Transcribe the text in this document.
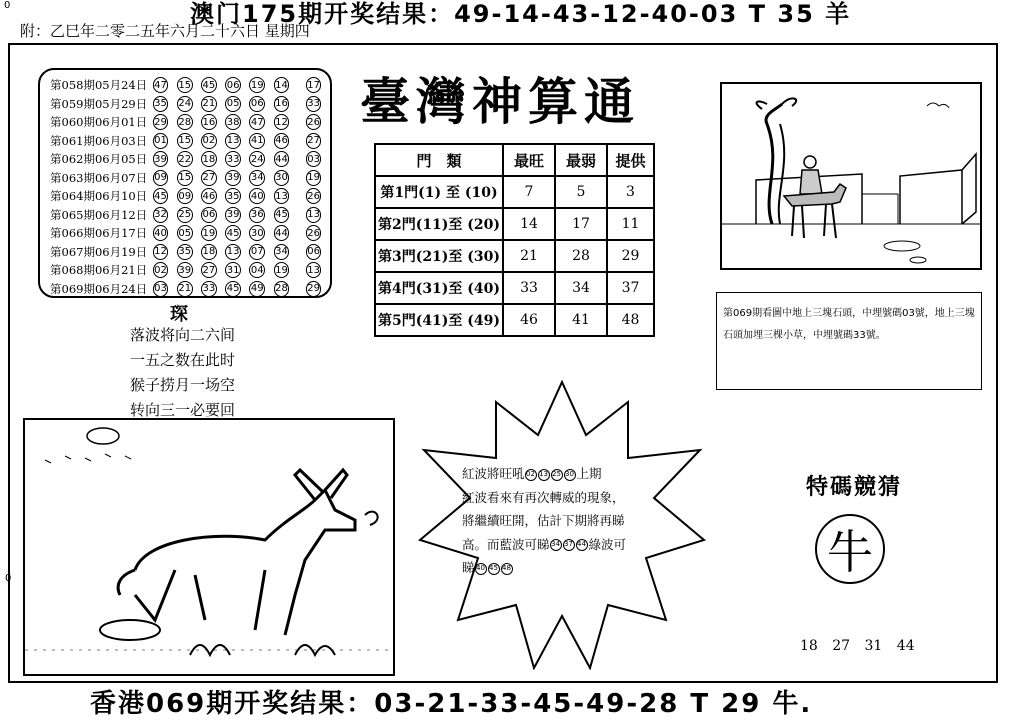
澳门175期开奖结果：49-14-43-12-40-03 T 35 羊
0
附：乙巳年二零二五年六月二十六日 星期四
0
第058期05月24日 47 15 45 06 19 14 17
第059期05月29日 35 24 21 05 06 16 33
第060期06月01日 29 28 16 38 47 12 26
第061期06月03日 01 15 02 13 41 46 27
第062期06月05日 39 22 18 33 24 44 03
第063期06月07日 09 15 27 39 34 30 19
第064期06月10日 45 09 46 35 40 13 26
第065期06月12日 32 25 06 39 36 45 13
第066期06月17日 40 05 19 45 30 44 26
第067期06月19日 12 35 18 13 07 34 06
第068期06月21日 02 39 27 31 04 19 13
第069期06月24日 03 21 33 45 49 28 29
臺灣神算通
門　類	最旺	最弱	提供
第1門(1) 至 (10)	7	5	3
第2門(11)至 (20)	14	17	11
第3門(21)至 (30)	21	28	29
第4門(31)至 (40)	33	34	37
第5門(41)至 (49)	46	41	48
琛
落波将向二六间
一五之数在此时
猴子捞月一场空
转向三一必要回
第069期看圖中地上三塊石頭，中埋號碼03號，地上三塊石頭加埋三棵小草，中埋號碼33號。
紅波將旺吼 02 13 25 30 上期
紅波看來有再次轉威的現象，
將繼續旺開，估計下期將再睇
高。而藍波可睇 34 37 44 綠波可
睇 40 45 48
特碼競猜
牛
18 27 31 44
香港069期开奖结果：03-21-33-45-49-28 T 29 牛.
